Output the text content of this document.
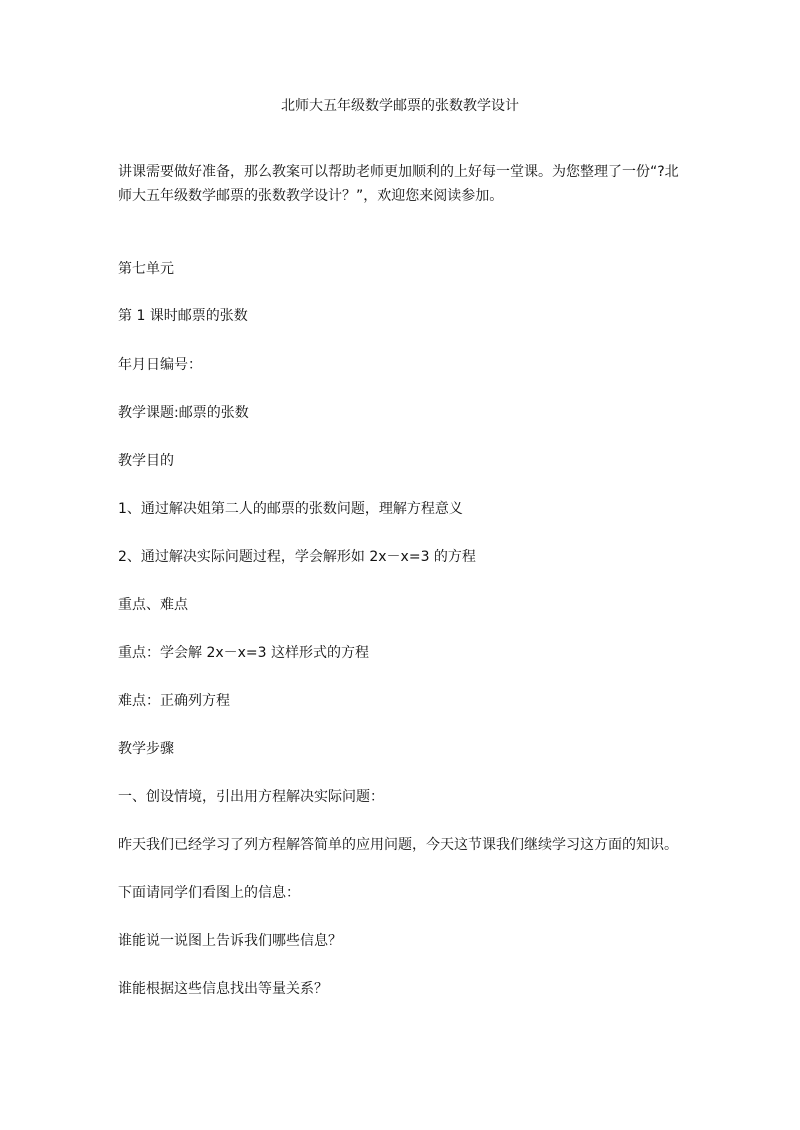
北师大五年级数学邮票的张数教学设计
讲课需要做好准备，那么教案可以帮助老师更加顺利的上好每一堂课。为您整理了一份“?北师大五年级数学邮票的张数教学设计？”，欢迎您来阅读参加。
第七单元
第 1 课时邮票的张数
年月日编号：
教学课题:邮票的张数
教学目的
1、通过解决姐第二人的邮票的张数问题，理解方程意义
2、通过解决实际问题过程，学会解形如 2x－x=3 的方程
重点、难点
重点：学会解 2x－x=3 这样形式的方程
难点：正确列方程
教学步骤
一、创设情境，引出用方程解决实际问题：
昨天我们已经学习了列方程解答简单的应用问题，今天这节课我们继续学习这方面的知识。
下面请同学们看图上的信息：
谁能说一说图上告诉我们哪些信息？
谁能根据这些信息找出等量关系？
